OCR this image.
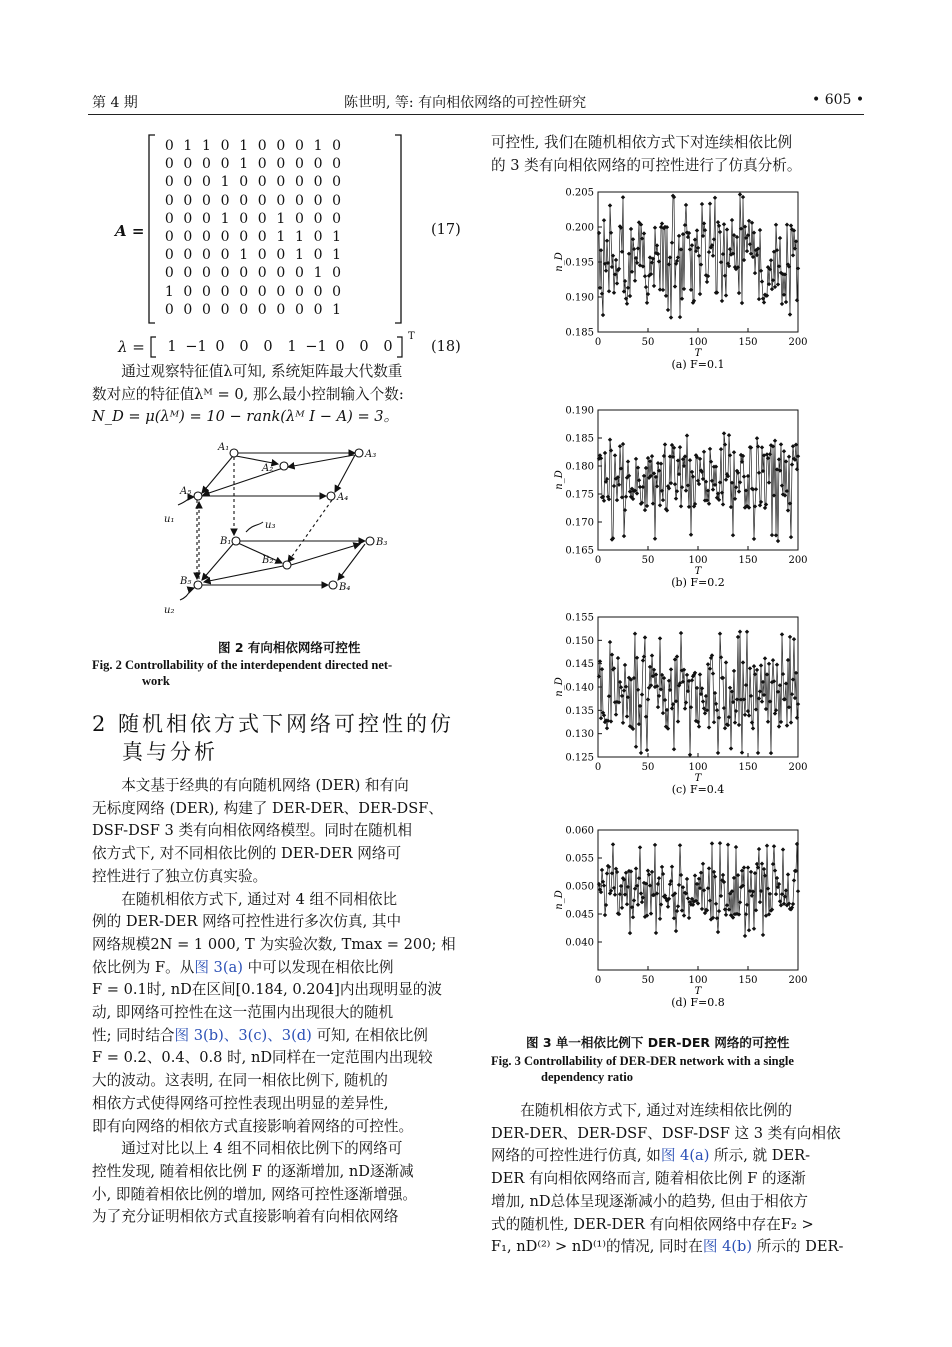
第 4 期	陈世明, 等: 有向相依网络的可控性研究	• 605 •
A =
0 1 1 0 1 0 0 0 1 0
0 0 0 0 1 0 0 0 0 0
0 0 0 1 0 0 0 0 0 0
0 0 0 0 0 0 0 0 0 0
0 0 0 1 0 0 1 0 0 0
0 0 0 0 0 0 1 1 0 1
0 0 0 0 1 0 0 1 0 1
0 0 0 0 0 0 0 0 1 0
1 0 0 0 0 0 0 0 0 0
0 0 0 0 0 0 0 0 0 1
(17)
λ =	1 −1 0 0 0 1 −1 0 0 0
T
(18)

通过观察特征值λ可知, 系统矩阵最大代数重

数对应的特征值λᴹ = 0, 那么最小控制输入个数:

N_D = μ(λᴹ) = 10 − rank(λᴹ I − A) = 3。

A₁
A₂
A₃
A₅
A₄
B₁
B₂
B₃
B₅
B₄
u₁
u₃
u₂
图 2 有向相依网络可控性
Fig. 2 Controllability of the interdependent directed net-
work
2 随机相依方式下网络可控性的仿
真与分析

本文基于经典的有向随机网络 (DER) 和有向

无标度网络 (DER), 构建了 DER-DER、DER-DSF、

DSF-DSF 3 类有向相依网络模型。同时在随机相

依方式下, 对不同相依比例的 DER-DER 网络可

控性进行了独立仿真实验。

在随机相依方式下, 通过对 4 组不同相依比

例的 DER-DER 网络可控性进行多次仿真, 其中

网络规模2N = 1 000, T 为实验次数, Tmax = 200; 相

依比例为 F。从图 3(a) 中可以发现在相依比例

F = 0.1时, nD在区间[0.184, 0.204]内出现明显的波

动, 即网络可控性在这一范围内出现很大的随机

性; 同时结合图 3(b)、3(c)、3(d) 可知, 在相依比例

F = 0.2、0.4、0.8 时, nD同样在一定范围内出现较

大的波动。这表明, 在同一相依比例下, 随机的

相依方式使得网络可控性表现出明显的差异性,

即有向网络的相依方式直接影响着网络的可控性。

通过对比以上 4 组不同相依比例下的网络可

控性发现, 随着相依比例 F 的逐渐增加, nD逐渐减

小, 即随着相依比例的增加, 网络可控性逐渐增强。

为了充分证明相依方式直接影响着有向相依网络

可控性, 我们在随机相依方式下对连续相依比例

的 3 类有向相依网络的可控性进行了仿真分析。

0.185
0.190
0.195
0.200
0.205
0	50	100	150	200
T
n_D
(a) F=0.1
0.165
0.170
0.175
0.180
0.185
0.190
0	50	100	150	200
T
n_D
(b) F=0.2
0.125
0.130
0.135
0.140
0.145
0.150
0.155
0	50	100	150	200
T
n_D
(c) F=0.4
0.040
0.045
0.050
0.055
0.060
0	50	100	150	200
T
n_D
(d) F=0.8
图 3 单一相依比例下 DER-DER 网络的可控性
Fig. 3 Controllability of DER-DER network with a single
dependency ratio

在随机相依方式下, 通过对连续相依比例的

DER-DER、DER-DSF、DSF-DSF 这 3 类有向相依

网络的可控性进行仿真, 如图 4(a) 所示, 就 DER-

DER 有向相依网络而言, 随着相依比例 F 的逐渐

增加, nD总体呈现逐渐减小的趋势, 但由于相依方

式的随机性, DER-DER 有向相依网络中存在F₂ >

F₁, nD⁽²⁾ > nD⁽¹⁾的情况, 同时在图 4(b) 所示的 DER-
